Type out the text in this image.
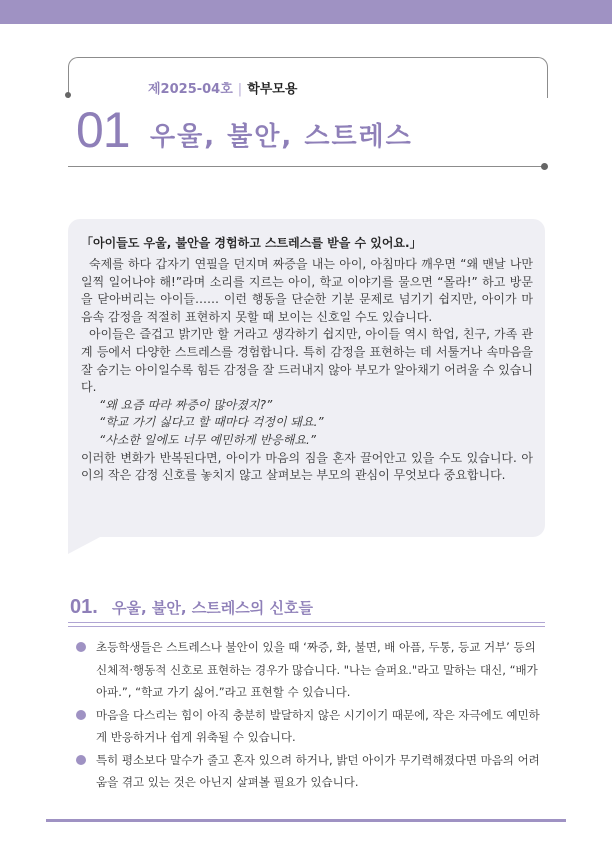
제2025-04호 | 학부모용
01 우울, 불안, 스트레스
「아이들도 우울, 불안을 경험하고 스트레스를 받을 수 있어요.」

숙제를 하다 갑자기 연필을 던지며 짜증을 내는 아이, 아침마다 깨우면 “왜 맨날 나만 일찍 일어나야 해!”라며 소리를 지르는 아이, 학교 이야기를 물으면 “몰라!” 하고 방문을 닫아버리는 아이들…… 이런 행동을 단순한 기분 문제로 넘기기 쉽지만, 아이가 마음속 감정을 적절히 표현하지 못할 때 보이는 신호일 수도 있습니다.

아이들은 즐겁고 밝기만 할 거라고 생각하기 쉽지만, 아이들 역시 학업, 친구, 가족 관계 등에서 다양한 스트레스를 경험합니다. 특히 감정을 표현하는 데 서툴거나 속마음을 잘 숨기는 아이일수록 힘든 감정을 잘 드러내지 않아 부모가 알아채기 어려울 수 있습니다.

“왜 요즘 따라 짜증이 많아졌지?”

“학교 가기 싫다고 할 때마다 걱정이 돼요.”

“사소한 일에도 너무 예민하게 반응해요.”

이러한 변화가 반복된다면, 아이가 마음의 짐을 혼자 끌어안고 있을 수도 있습니다. 아이의 작은 감정 신호를 놓치지 않고 살펴보는 부모의 관심이 무엇보다 중요합니다.

01. 우울, 불안, 스트레스의 신호들
초등학생들은 스트레스나 불안이 있을 때 ‘짜증, 화, 불면, 배 아픔, 두통, 등교 거부’ 등의 신체적·행동적 신호로 표현하는 경우가 많습니다. "나는 슬퍼요."라고 말하는 대신, “배가 아파.”, “학교 가기 싫어.”라고 표현할 수 있습니다.
마음을 다스리는 힘이 아직 충분히 발달하지 않은 시기이기 때문에, 작은 자극에도 예민하게 반응하거나 쉽게 위축될 수 있습니다.
특히 평소보다 말수가 줄고 혼자 있으려 하거나, 밝던 아이가 무기력해졌다면 마음의 어려움을 겪고 있는 것은 아닌지 살펴볼 필요가 있습니다.
